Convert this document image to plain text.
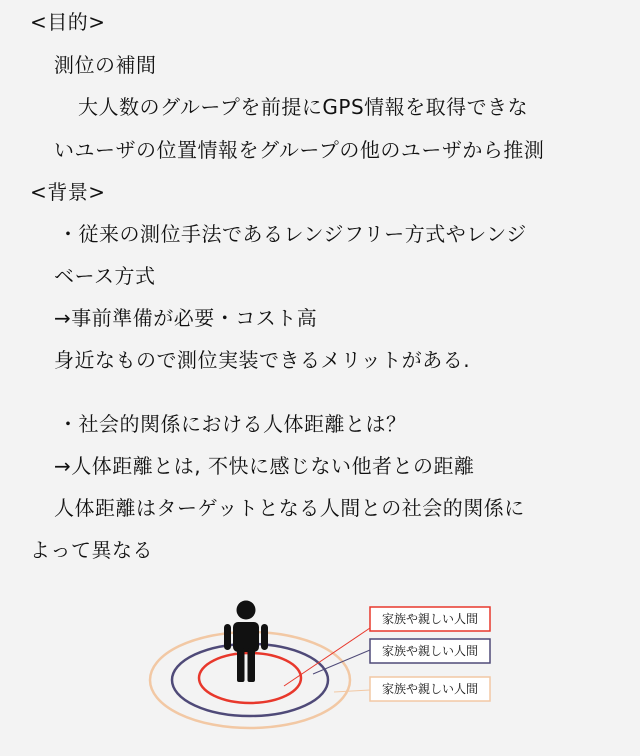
<目的>
測位の補間
大人数のグループを前提にGPS情報を取得できな
いユーザの位置情報をグループの他のユーザから推測
<背景>
・従来の測位手法であるレンジフリー方式やレンジ
ベース方式
→事前準備が必要・コスト高
身近なもので測位実装できるメリットがある.
・社会的関係における人体距離とは？
→人体距離とは, 不快に感じない他者との距離
人体距離はターゲットとなる人間との社会的関係に
よって異なる
家族や親しい人間
家族や親しい人間
家族や親しい人間
